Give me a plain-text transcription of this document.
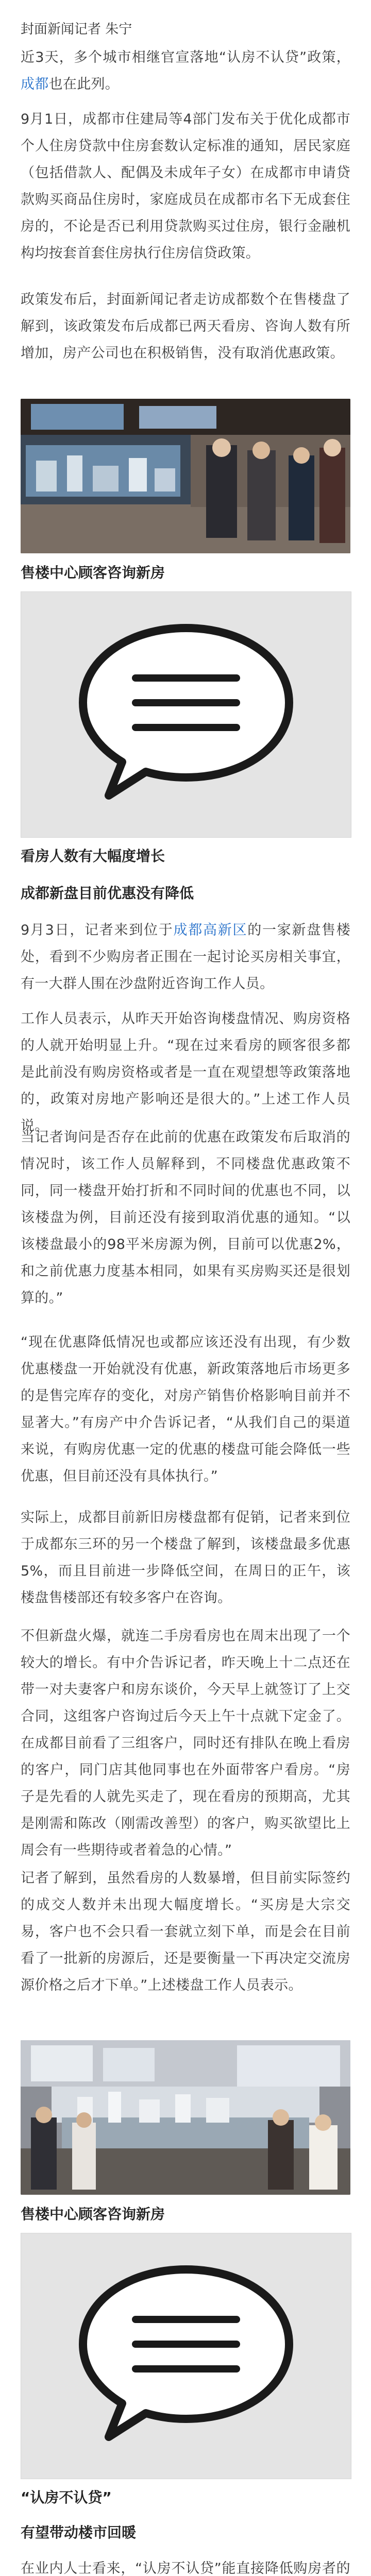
封面新闻记者 朱宁
近3天，多个城市相继官宣落地“认房不认贷”政策，成都也在此列。
9月1日，成都市住建局等4部门发布关于优化成都市个人住房贷款中住房套数认定标准的通知，居民家庭（包括借款人、配偶及未成年子女）在成都市申请贷款购买商品住房时，家庭成员在成都市名下无成套住房的，不论是否已利用贷款购买过住房，银行金融机构均按套首套住房执行住房信贷政策。
政策发布后，封面新闻记者走访成都数个在售楼盘了解到，该政策发布后成都已两天看房、咨询人数有所增加，房产公司也在积极销售，没有取消优惠政策。
售楼中心顾客咨询新房
看房人数有大幅度增长
成都新盘目前优惠没有降低
9月3日，记者来到位于成都高新区的一家新盘售楼处，看到不少购房者正围在一起讨论买房相关事宜，有一大群人围在沙盘附近咨询工作人员。
工作人员表示，从昨天开始咨询楼盘情况、购房资格的人就开始明显上升。“现在过来看房的顾客很多都是此前没有购房资格或者是一直在观望想等政策落地的，政策对房地产影响还是很大的。”上述工作人员说。
当记者询问是否存在此前的优惠在政策发布后取消的情况时，该工作人员解释到，不同楼盘优惠政策不同，同一楼盘开始打折和不同时间的优惠也不同，以该楼盘为例，目前还没有接到取消优惠的通知。“以该楼盘最小的98平米房源为例，目前可以优惠2%，和之前优惠力度基本相同，如果有买房购买还是很划算的。”
“现在优惠降低情况也或都应该还没有出现，有少数优惠楼盘一开始就没有优惠，新政策落地后市场更多的是售完库存的变化，对房产销售价格影响目前并不显著大。”有房产中介告诉记者，“从我们自己的渠道来说，有购房优惠一定的优惠的楼盘可能会降低一些优惠，但目前还没有具体执行。”
实际上，成都目前新旧房楼盘都有促销，记者来到位于成都东三环的另一个楼盘了解到，该楼盘最多优惠5%，而且目前进一步降低空间，在周日的正午，该楼盘售楼部还有较多客户在咨询。
不但新盘火爆，就连二手房看房也在周末出现了一个较大的增长。有中介告诉记者，昨天晚上十二点还在带一对夫妻客户和房东谈价，今天早上就签订了上交合同，这组客户咨询过后今天上午十点就下定金了。在成都目前看了三组客户，同时还有排队在晚上看房的客户，同门店其他同事也在外面带客户看房。“房子是先看的人就先买走了，现在看房的预期高，尤其是刚需和陈改（刚需改善型）的客户，购买欲望比上周会有一些期待或者着急的心情。”
记者了解到，虽然看房的人数暴增，但目前实际签约的成交人数并未出现大幅度增长。“买房是大宗交易，客户也不会只看一套就立刻下单，而是会在目前看了一批新的房源后，还是要衡量一下再决定交流房源价格之后才下单。”上述楼盘工作人员表示。
售楼中心顾客咨询新房
“认房不认贷”
有望带动楼市回暖
在业内人士看来，“认房不认贷”能直接降低购房者的
